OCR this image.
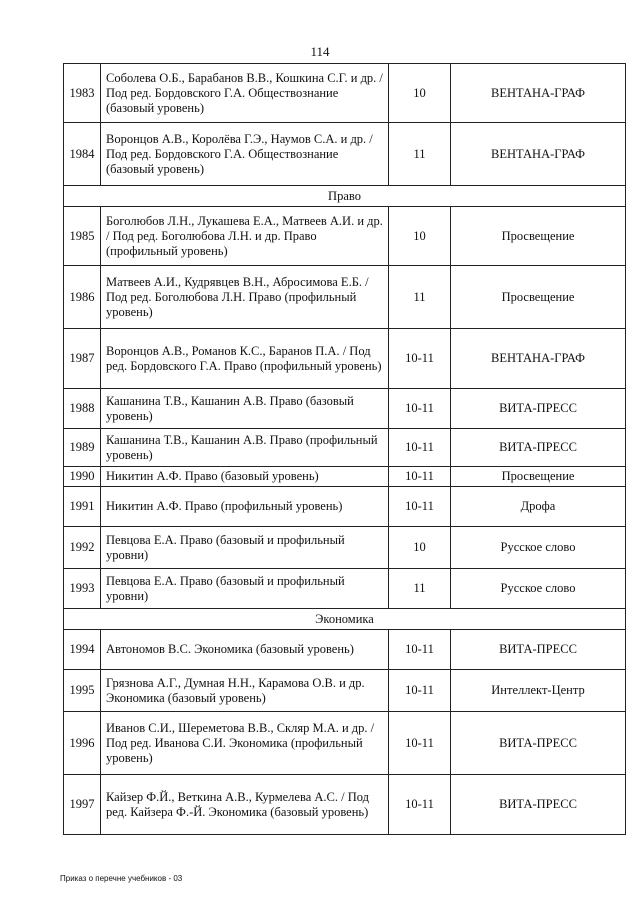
114
1983	Соболева О.Б., Барабанов В.В., Кошкина С.Г. и др. / Под ред. Бордовского Г.А. Обществознание (базовый уровень)	10	ВЕНТАНА-ГРАФ
1984	Воронцов А.В., Королёва Г.Э., Наумов С.А. и др. / Под ред. Бордовского Г.А. Обществознание (базовый уровень)	11	ВЕНТАНА-ГРАФ
Право			
1985	Боголюбов Л.Н., Лукашева Е.А., Матвеев А.И. и др. / Под ред. Боголюбова Л.Н. и др. Право (профильный уровень)	10	Просвещение
1986	Матвеев А.И., Кудрявцев В.Н., Абросимова Е.Б. / Под ред. Боголюбова Л.Н. Право (профильный уровень)	11	Просвещение
1987	Воронцов А.В., Романов К.С., Баранов П.А. / Под ред. Бордовского Г.А. Право (профильный уровень)	10-11	ВЕНТАНА-ГРАФ
1988	Кашанина Т.В., Кашанин А.В. Право (базовый уровень)	10-11	ВИТА-ПРЕСС
1989	Кашанина Т.В., Кашанин А.В. Право (профильный уровень)	10-11	ВИТА-ПРЕСС
1990	Никитин А.Ф. Право (базовый уровень)	10-11	Просвещение
1991	Никитин А.Ф. Право (профильный уровень)	10-11	Дрофа
1992	Певцова Е.А. Право (базовый и профильный уровни)	10	Русское слово
1993	Певцова Е.А. Право (базовый и профильный уровни)	11	Русское слово
Экономика			
1994	Автономов В.С. Экономика (базовый уровень)	10-11	ВИТА-ПРЕСС
1995	Грязнова А.Г., Думная Н.Н., Карамова О.В. и др. Экономика (базовый уровень)	10-11	Интеллект-Центр
1996	Иванов С.И., Шереметова В.В., Скляр М.А. и др. / Под ред. Иванова С.И. Экономика (профильный уровень)	10-11	ВИТА-ПРЕСС
1997	Кайзер Ф.Й., Веткина А.В., Курмелева А.С. / Под ред. Кайзера Ф.-Й. Экономика (базовый уровень)	10-11	ВИТА-ПРЕСС
Приказ о перечне учебников - 03
